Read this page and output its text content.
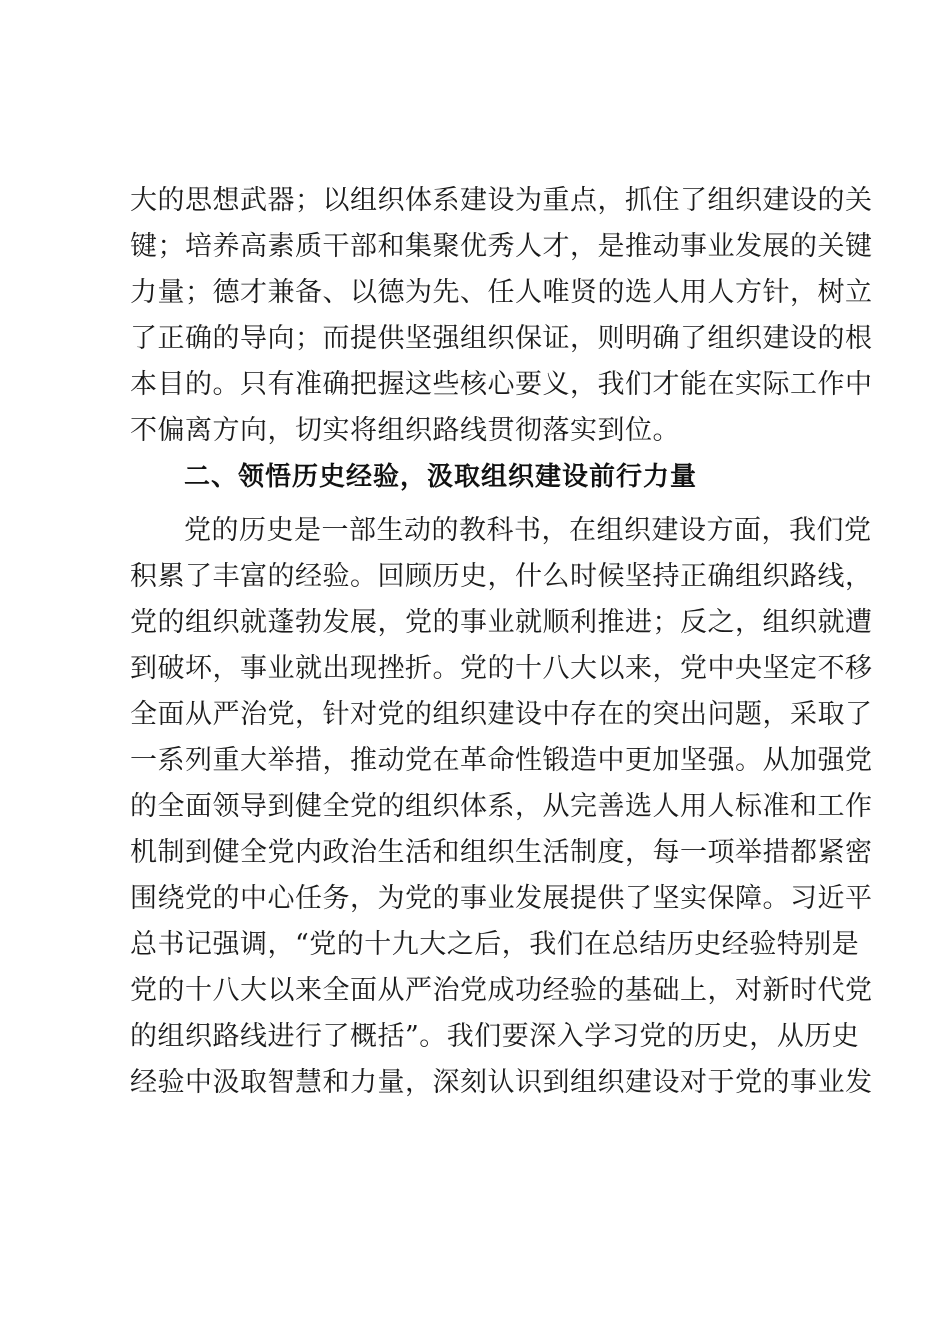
大的思想武器；以组织体系建设为重点，抓住了组织建设的关
键；培养高素质干部和集聚优秀人才，是推动事业发展的关键
力量；德才兼备、以德为先、任人唯贤的选人用人方针，树立
了正确的导向；而提供坚强组织保证，则明确了组织建设的根
本目的。只有准确把握这些核心要义，我们才能在实际工作中
不偏离方向，切实将组织路线贯彻落实到位。
二、领悟历史经验，汲取组织建设前行力量
党的历史是一部生动的教科书，在组织建设方面，我们党
积累了丰富的经验。回顾历史，什么时候坚持正确组织路线，
党的组织就蓬勃发展，党的事业就顺利推进；反之，组织就遭
到破坏，事业就出现挫折。党的十八大以来，党中央坚定不移
全面从严治党，针对党的组织建设中存在的突出问题，采取了
一系列重大举措，推动党在革命性锻造中更加坚强。从加强党
的全面领导到健全党的组织体系，从完善选人用人标准和工作
机制到健全党内政治生活和组织生活制度，每一项举措都紧密
围绕党的中心任务，为党的事业发展提供了坚实保障。习近平
总书记强调，“党的十九大之后，我们在总结历史经验特别是
党的十八大以来全面从严治党成功经验的基础上，对新时代党
的组织路线进行了概括”。我们要深入学习党的历史，从历史
经验中汲取智慧和力量，深刻认识到组织建设对于党的事业发
